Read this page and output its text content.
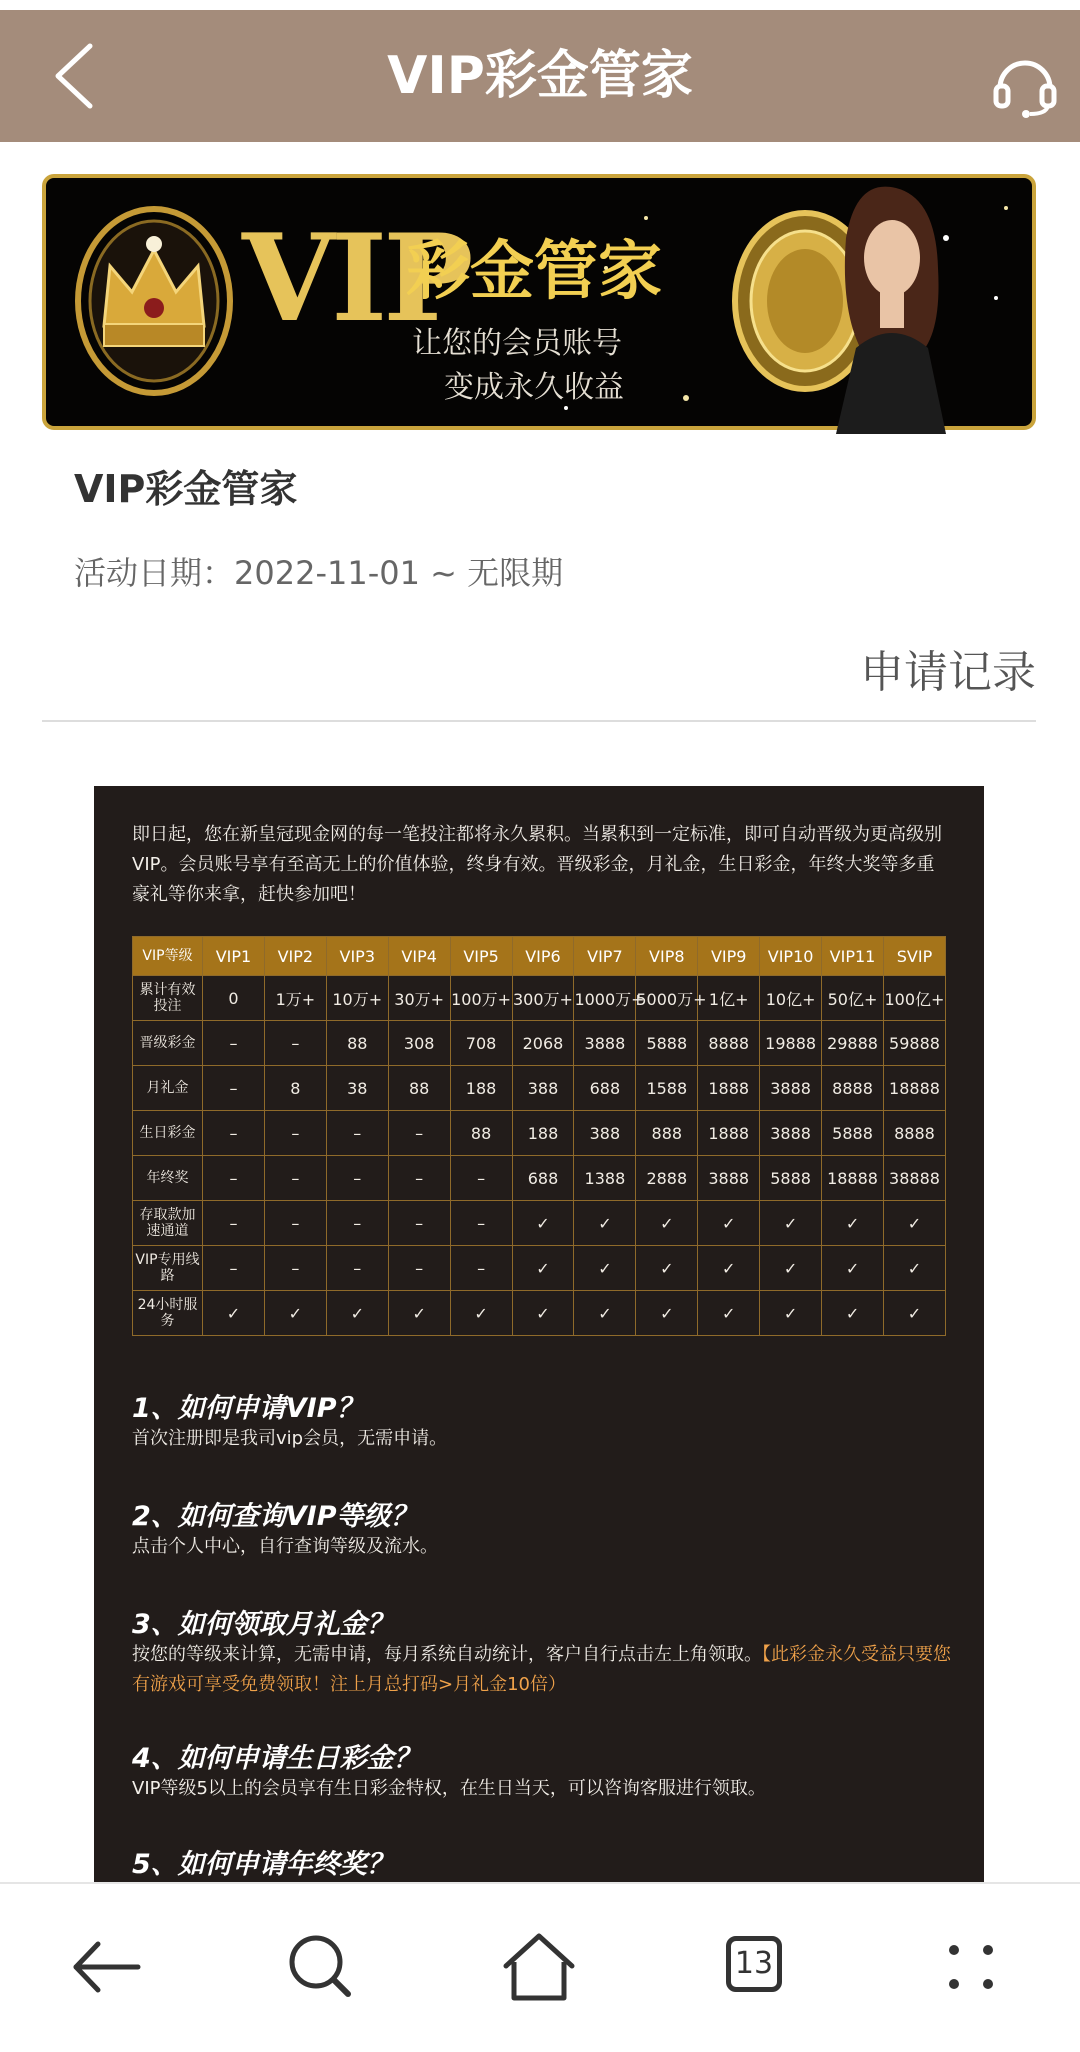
VIP彩金管家
VIP
彩金管家
让您的会员账号
变成永久收益
VIP彩金管家
活动日期：2022-11-01 ~ 无限期
申请记录
即日起，您在新皇冠现金网的每一笔投注都将永久累积。当累积到一定标准，即可自动晋级为更高级别VIP。会员账号享有至高无上的价值体验，终身有效。晋级彩金，月礼金，生日彩金，年终大奖等多重豪礼等你来拿，赶快参加吧！
VIP等级	VIP1	VIP2	VIP3	VIP4	VIP5	VIP6	VIP7	VIP8	VIP9	VIP10	VIP11	SVIP
累计有效投注	0	1万+	10万+	30万+	100万+	300万+	1000万+	5000万+	1亿+	10亿+	50亿+	100亿+
晋级彩金	–	–	88	308	708	2068	3888	5888	8888	19888	29888	59888
月礼金	–	8	38	88	188	388	688	1588	1888	3888	8888	18888
生日彩金	–	–	–	–	88	188	388	888	1888	3888	5888	8888
年终奖	–	–	–	–	–	688	1388	2888	3888	5888	18888	38888
存取款加速通道	–	–	–	–	–	✓	✓	✓	✓	✓	✓	✓
VIP专用线路	–	–	–	–	–	✓	✓	✓	✓	✓	✓	✓
24小时服务	✓	✓	✓	✓	✓	✓	✓	✓	✓	✓	✓	✓
1、如何申请VIP？
首次注册即是我司vip会员，无需申请。
2、如何查询VIP等级？
点击个人中心，自行查询等级及流水。
3、如何领取月礼金？
按您的等级来计算，无需申请，每月系统自动统计，客户自行点击左上角领取。【此彩金永久受益只要您有游戏可享受免费领取！注上月总打码>月礼金10倍）
4、如何申请生日彩金？
VIP等级5以上的会员享有生日彩金特权，在生日当天，可以咨询客服进行领取。
5、如何申请年终奖？
13
